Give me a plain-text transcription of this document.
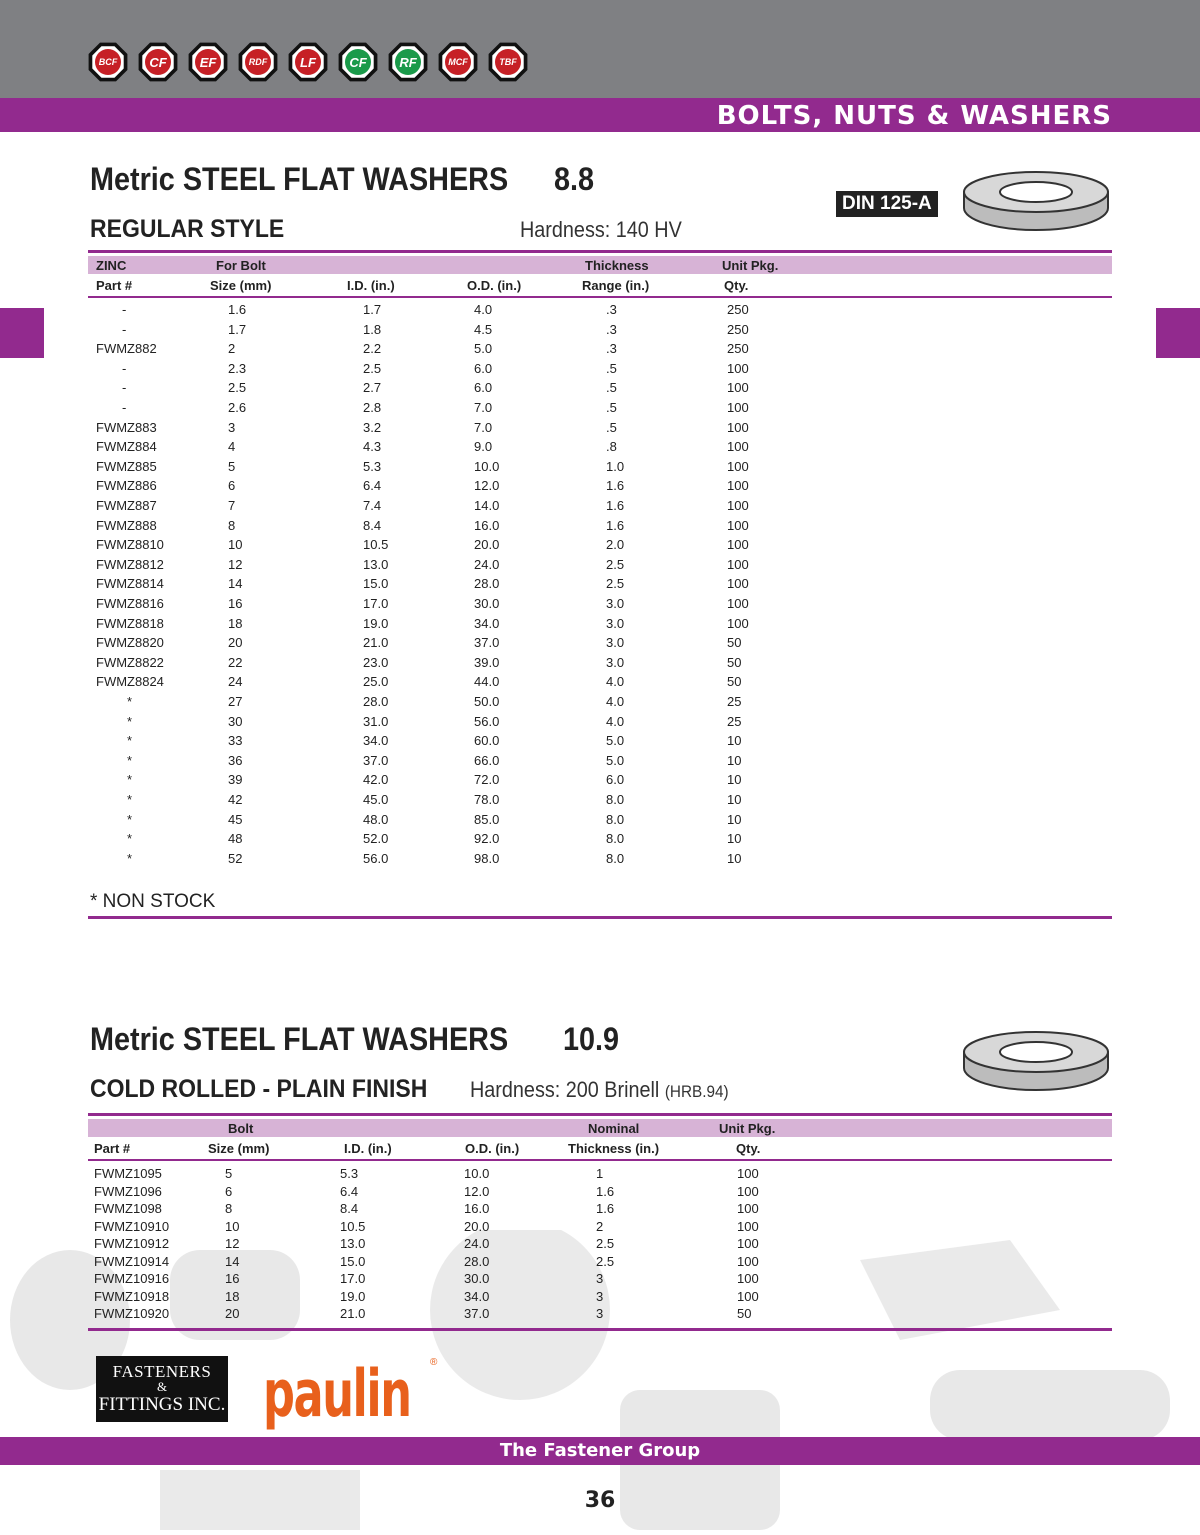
BCF	CF	EF	RDF	LF	CF	RF	MCF	TBF
BOLTS, NUTS & WASHERS
Metric STEEL FLAT WASHERS 8.8
DIN 125-A
REGULAR STYLE	Hardness: 140 HV
ZINC	For Bolt	Thickness	Unit Pkg.
Part #	Size (mm)	I.D. (in.)	O.D. (in.)	Range (in.)	Qty.
-	1.6	1.7	4.0	.3	250
-	1.7	1.8	4.5	.3	250
FWMZ882	2	2.2	5.0	.3	250
-	2.3	2.5	6.0	.5	100
-	2.5	2.7	6.0	.5	100
-	2.6	2.8	7.0	.5	100
FWMZ883	3	3.2	7.0	.5	100
FWMZ884	4	4.3	9.0	.8	100
FWMZ885	5	5.3	10.0	1.0	100
FWMZ886	6	6.4	12.0	1.6	100
FWMZ887	7	7.4	14.0	1.6	100
FWMZ888	8	8.4	16.0	1.6	100
FWMZ8810	10	10.5	20.0	2.0	100
FWMZ8812	12	13.0	24.0	2.5	100
FWMZ8814	14	15.0	28.0	2.5	100
FWMZ8816	16	17.0	30.0	3.0	100
FWMZ8818	18	19.0	34.0	3.0	100
FWMZ8820	20	21.0	37.0	3.0	50
FWMZ8822	22	23.0	39.0	3.0	50
FWMZ8824	24	25.0	44.0	4.0	50
*	27	28.0	50.0	4.0	25
*	30	31.0	56.0	4.0	25
*	33	34.0	60.0	5.0	10
*	36	37.0	66.0	5.0	10
*	39	42.0	72.0	6.0	10
*	42	45.0	78.0	8.0	10
*	45	48.0	85.0	8.0	10
*	48	52.0	92.0	8.0	10
*	52	56.0	98.0	8.0	10
* NON STOCK
Metric STEEL FLAT WASHERS 10.9
COLD ROLLED - PLAIN FINISH Hardness: 200 Brinell (HRB.94)
Bolt	Nominal	Unit Pkg.
Part #	Size (mm)	I.D. (in.)	O.D. (in.)	Thickness (in.)	Qty.
FWMZ1095	5	5.3	10.0	1	100
FWMZ1096	6	6.4	12.0	1.6	100
FWMZ1098	8	8.4	16.0	1.6	100
FWMZ10910	10	10.5	20.0	2	100
FWMZ10912	12	13.0	24.0	2.5	100
FWMZ10914	14	15.0	28.0	2.5	100
FWMZ10916	16	17.0	30.0	3	100
FWMZ10918	18	19.0	34.0	3	100
FWMZ10920	20	21.0	37.0	3	50
FASTENERS
&
FITTINGS INC. paulin ®
The Fastener Group
36
